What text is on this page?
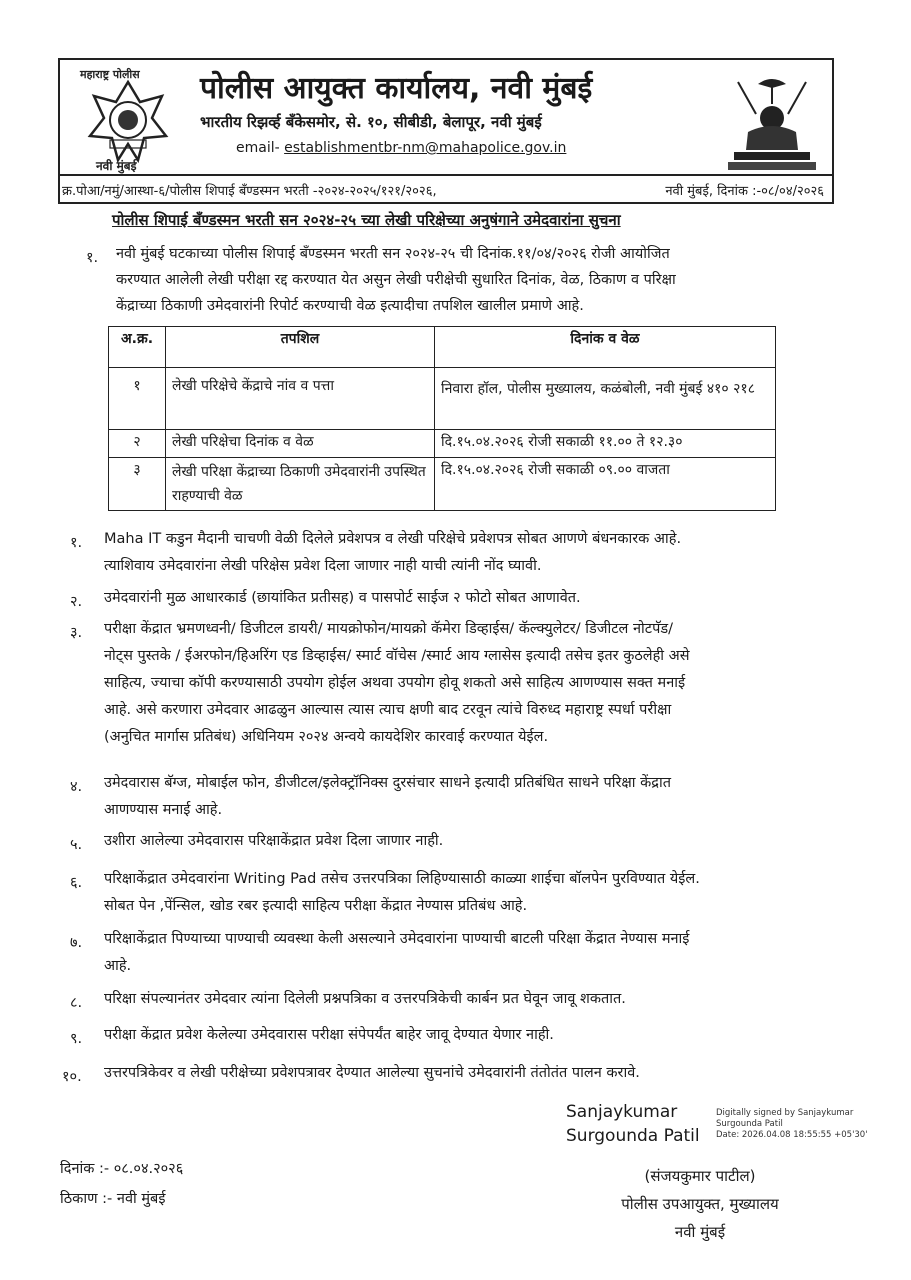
महाराष्ट्र पोलीस
नवी मुंबई
पोलीस आयुक्त कार्यालय, नवी मुंबई
भारतीय रिझर्व्ह बँकेसमोर, से. १०, सीबीडी, बेलापूर, नवी मुंबई
email- establishmentbr-nm@mahapolice.gov.in
क्र.पोआ/नमुं/आस्था-६/पोलीस शिपाई बँण्डस्मन भरती -२०२४-२०२५/१२१/२०२६,	नवी मुंबई, दिनांक :-०८/०४/२०२६
पोलीस शिपाई बँण्डस्मन भरती सन २०२४-२५ च्या लेखी परिक्षेच्या अनुषंगाने उमेदवारांना सुचना
१. नवी मुंबई घटकाच्या पोलीस शिपाई बँण्डस्मन भरती सन २०२४-२५ ची दिनांक.११/०४/२०२६ रोजी आयोजित
करण्यात आलेली लेखी परीक्षा रद्द करण्यात येत असुन लेखी परीक्षेची सुधारित दिनांक, वेळ, ठिकाण व परिक्षा
केंद्राच्या ठिकाणी उमेदवारांनी रिपोर्ट करण्याची वेळ इत्यादीचा तपशिल खालील प्रमाणे आहे.
अ.क्र.	तपशिल	दिनांक व वेळ
१	लेखी परिक्षेचे केंद्राचे नांव व पत्ता	निवारा हॉल, पोलीस मुख्यालय, कळंबोली, नवी मुंबई ४१० २१८
२	लेखी परिक्षेचा दिनांक व वेळ	दि.१५.०४.२०२६ रोजी सकाळी ११.०० ते १२.३०
३	लेखी परिक्षा केंद्राच्या ठिकाणी उमेदवारांनी उपस्थित राहण्याची वेळ	दि.१५.०४.२०२६ रोजी सकाळी ०९.०० वाजता
१. Maha IT कडुन मैदानी चाचणी वेळी दिलेले प्रवेशपत्र व लेखी परिक्षेचे प्रवेशपत्र सोबत आणणे बंधनकारक आहे.
त्याशिवाय उमेदवारांना लेखी परिक्षेस प्रवेश दिला जाणार नाही याची त्यांनी नोंद घ्यावी.
२. उमेदवारांनी मुळ आधारकार्ड (छायांकित प्रतीसह) व पासपोर्ट साईज २ फोटो सोबत आणावेत.
३. परीक्षा केंद्रात भ्रमणध्वनी/ डिजीटल डायरी/ मायक्रोफोन/मायक्रो कॅमेरा डिव्हाईस/ कॅल्क्युलेटर/ डिजीटल नोटपॅड/
नोट्स पुस्तके / ईअरफोन/हिअरिंग एड डिव्हाईस/ स्मार्ट वॉचेस /स्मार्ट आय ग्लासेस इत्यादी तसेच इतर कुठलेही असे
साहित्य, ज्याचा कॉपी करण्यासाठी उपयोग होईल अथवा उपयोग होवू शकतो असे साहित्य आणण्यास सक्त मनाई
आहे. असे करणारा उमेदवार आढळुन आल्यास त्यास त्याच क्षणी बाद टरवून त्यांचे विरुध्द महाराष्ट्र स्पर्धा परीक्षा
(अनुचित मार्गास प्रतिबंध) अधिनियम २०२४ अन्वये कायदेशिर कारवाई करण्यात येईल.
४. उमेदवारास बॅग्ज, मोबाईल फोन, डीजीटल/इलेक्ट्रॉनिक्स दुरसंचार साधने इत्यादी प्रतिबंधित साधने परिक्षा केंद्रात
आणण्यास मनाई आहे.
५. उशीरा आलेल्या उमेदवारास परिक्षाकेंद्रात प्रवेश दिला जाणार नाही.
६. परिक्षाकेंद्रात उमेदवारांना Writing Pad तसेच उत्तरपत्रिका लिहिण्यासाठी काळ्या शाईचा बॉलपेन पुरविण्यात येईल.
सोबत पेन ,पेंन्सिल, खोड रबर इत्यादी साहित्य परीक्षा केंद्रात नेण्यास प्रतिबंध आहे.
७. परिक्षाकेंद्रात पिण्याच्या पाण्याची व्यवस्था केली असल्याने उमेदवारांना पाण्याची बाटली परिक्षा केंद्रात नेण्यास मनाई
आहे.
८. परिक्षा संपल्यानंतर उमेदवार त्यांना दिलेली प्रश्नपत्रिका व उत्तरपत्रिकेची कार्बन प्रत घेवून जावू शकतात.
९. परीक्षा केंद्रात प्रवेश केलेल्या उमेदवारास परीक्षा संपेपर्यंत बाहेर जावू देण्यात येणार नाही.
१०. उत्तरपत्रिकेवर व लेखी परीक्षेच्या प्रवेशपत्रावर देण्यात आलेल्या सुचनांचे उमेदवारांनी तंतोतंत पालन करावे.
Sanjaykumar
Surgounda Patil
Digitally signed by Sanjaykumar
Surgounda Patil
Date: 2026.04.08 18:55:55 +05'30'
(संजयकुमार पाटील)
पोलीस उपआयुक्त, मुख्यालय
नवी मुंबई
दिनांक :- ०८.०४.२०२६
ठिकाण :- नवी मुंबई
